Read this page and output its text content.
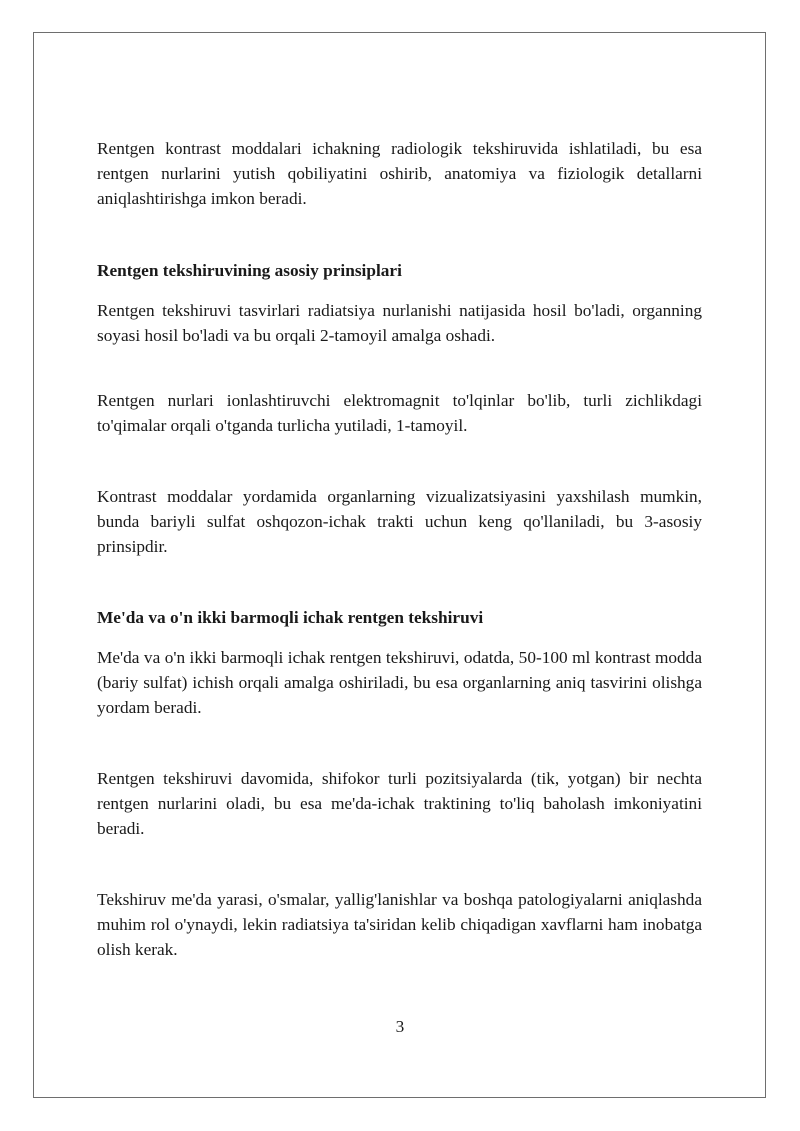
Rentgen kontrast moddalari ichakning radiologik tekshiruvida ishlatiladi, bu esa rentgen nurlarini yutish qobiliyatini oshirib, anatomiya va fiziologik detallarni aniqlashtirishga imkon beradi.

Rentgen tekshiruvining asosiy prinsiplari

Rentgen tekshiruvi tasvirlari radiatsiya nurlanishi natijasida hosil bo'ladi, organning soyasi hosil bo'ladi va bu orqali 2-tamoyil amalga oshadi.

Rentgen nurlari ionlashtiruvchi elektromagnit to'lqinlar bo'lib, turli zichlikdagi to'qimalar orqali o'tganda turlicha yutiladi, 1-tamoyil.

Kontrast moddalar yordamida organlarning vizualizatsiyasini yaxshilash mumkin, bunda bariyli sulfat oshqozon-ichak trakti uchun keng qo'llaniladi, bu 3-asosiy prinsipdir.

Me'da va o'n ikki barmoqli ichak rentgen tekshiruvi

Me'da va o'n ikki barmoqli ichak rentgen tekshiruvi, odatda, 50-100 ml kontrast modda (bariy sulfat) ichish orqali amalga oshiriladi, bu esa organlarning aniq tasvirini olishga yordam beradi.

Rentgen tekshiruvi davomida, shifokor turli pozitsiyalarda (tik, yotgan) bir nechta rentgen nurlarini oladi, bu esa me'da-ichak traktining to'liq baholash imkoniyatini beradi.

Tekshiruv me'da yarasi, o'smalar, yallig'lanishlar va boshqa patologiyalarni aniqlashda muhim rol o'ynaydi, lekin radiatsiya ta'siridan kelib chiqadigan xavflarni ham inobatga olish kerak.

3
